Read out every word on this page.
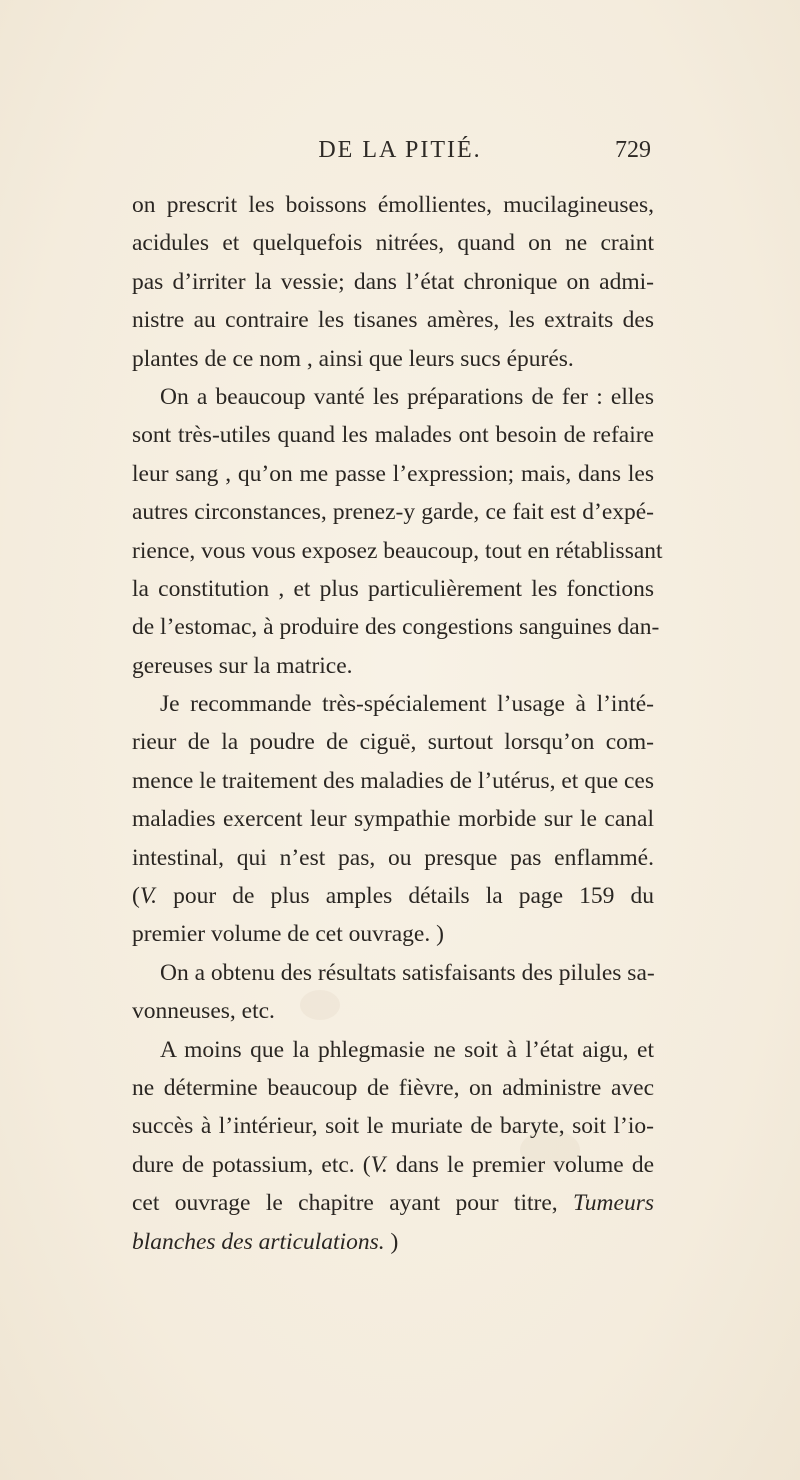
DE LA PITIÉ.	729
on prescrit les boissons émollientes, mucilagineuses,
acidules et quelquefois nitrées, quand on ne craint
pas d’irriter la vessie; dans l’état chronique on admi-
nistre au contraire les tisanes amères, les extraits des
plantes de ce nom , ainsi que leurs sucs épurés.
On a beaucoup vanté les préparations de fer : elles
sont très-utiles quand les malades ont besoin de refaire
leur sang , qu’on me passe l’expression; mais, dans les
autres circonstances, prenez-y garde, ce fait est d’expé-
rience, vous vous exposez beaucoup, tout en rétablissant
la constitution , et plus particulièrement les fonctions
de l’estomac, à produire des congestions sanguines dan-
gereuses sur la matrice.
Je recommande très-spécialement l’usage à l’inté-
rieur de la poudre de ciguë, surtout lorsqu’on com-
mence le traitement des maladies de l’utérus, et que ces
maladies exercent leur sympathie morbide sur le canal
intestinal, qui n’est pas, ou presque pas enflammé.
(V. pour de plus amples détails la page 159 du
premier volume de cet ouvrage. )
On a obtenu des résultats satisfaisants des pilules sa-
vonneuses, etc.
A moins que la phlegmasie ne soit à l’état aigu, et
ne détermine beaucoup de fièvre, on administre avec
succès à l’intérieur, soit le muriate de baryte, soit l’io-
dure de potassium, etc. (V. dans le premier volume de
cet ouvrage le chapitre ayant pour titre, Tumeurs
blanches des articulations. )
